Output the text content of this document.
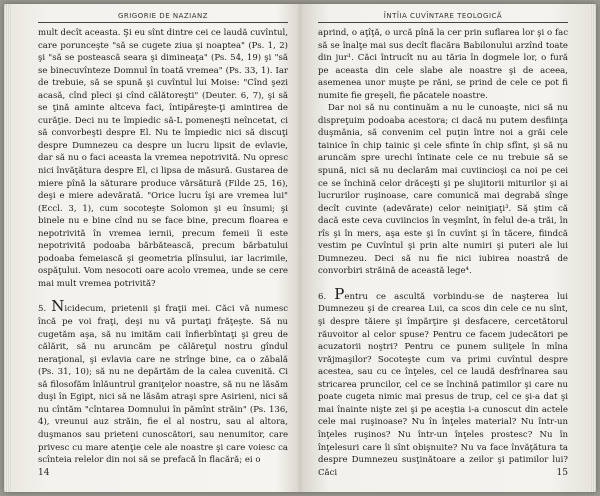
GRIGORIE DE NAZIANZ

mult decît aceasta. Şi eu sînt dintre cei ce laudă cuvîntul, care porunceşte "să se cugete ziua şi noaptea" (Ps. 1, 2) şi "să se postească seara şi dimineaţa" (Ps. 54, 19) şi "să se binecuvînteze Domnul în toată vremea" (Ps. 33, 1). Iar de trebuie, să se spună şi cuvîntul lui Moise: "Cînd şezi acasă, cînd pleci şi cînd călătoreşti" (Deuter. 6, 7), şi să se ţină aminte altceva faci, întipăreşte-ţi amintirea de curăţie. Deci nu te împiedic să-L pomeneşti neîncetat, ci să convorbeşti despre El. Nu te împiedic nici să discuţi despre Dumnezeu ca despre un lucru lipsit de evlavie, dar să nu o faci aceasta la vremea nepotrivită. Nu opresc nici învăţătura despre El, ci lipsa de măsură. Gustarea de miere pînă la săturare produce vărsătură (Filde 25, 16), deşi e miere adevărată. "Orice lucru îşi are vremea lui" (Eccl. 3, 1), cum socoteşte Solomon şi eu însumi; şi binele nu e bine cînd nu se face bine, precum floarea e nepotrivită în vremea iernii, precum femeii îi este nepotrivită podoaba bărbătească, precum bărbatului podoaba femeiască şi geometria plînsului, iar lacrimile, ospăţului. Vom nesocoti oare acolo vremea, unde se cere mai mult vremea potrivită?

5. Nicidecum, prietenii şi fraţii mei. Căci vă numesc încă pe voi fraţi, deşi nu vă purtaţi frăţeşte. Să nu cugetăm aşa, să nu imităm caii înfierbîntaţi şi greu de călărit, să nu aruncăm pe călăreţul nostru gîndul neraţional, şi evlavia care ne strînge bine, ca o zăbală (Ps. 31, 10); să nu ne depărtăm de la calea cuvenită. Ci să filosofăm înlăuntrul graniţelor noastre, să nu ne lăsăm duşi în Egipt, nici să ne lăsăm atraşi spre Asirieni, nici să nu cîntăm "cîntarea Domnului în pămînt străin" (Ps. 136, 4), vreunui auz străin, fie el al nostru, sau al altora, duşmanos sau prieteni cunoscători, sau nenumitor, care privesc cu mare atenţie cele ale noastre şi care voiesc ca scînteia relelor din noi să se prefacă în flacără; ei o

14
ÎNTÎIA CUVÎNTARE TEOLOGICĂ

aprind, o aţîţă, o urcă pînă la cer prin suflarea lor şi o fac să se înalţe mai sus decît flacăra Babilonului arzînd toate din jur¹. Căci întrucît nu au tăria în dogmele lor, o fură pe aceasta din cele slabe ale noastre şi de aceea, asemenea unor muşte pe răni, se prind de cele ce pot fi numite fie greşeli, fie păcatele noastre.

Dar noi să nu continuăm a nu le cunoaşte, nici să nu dispreţuim podoaba acestora; ci dacă nu putem desfiinţa duşmănia, să convenim cel puţin între noi a grăi cele tainice în chip tainic şi cele sfinte în chip sfînt, şi să nu aruncăm spre urechi întinate cele ce nu trebuie să se spună, nici să nu declarăm mai cuviincioşi ca noi pe cei ce se închină celor drăceşti şi pe slujitorii miturilor şi ai lucrurilor ruşinoase, care comunică mai degrabă sînge decît cuvinte (adevărate) celor neiniţiaţi³. Să ştim că dacă este ceva cuviincios în veşmînt, în felul de-a trăi, în rîs şi în mers, aşa este şi în cuvînt şi în tăcere, fiindcă vestim pe Cuvîntul şi prin alte numiri şi puteri ale lui Dumnezeu. Deci să nu fie nici iubirea noastră de convorbiri străină de această lege⁴.

6. Pentru ce ascultă vorbindu-se de naşterea lui Dumnezeu şi de crearea Lui, ca scos din cele ce nu sînt, şi despre tăiere şi împărţire şi desfacere, cercetătorul răuvoitor al celor spuse? Pentru ce facem judecători pe acuzatorii noştri? Pentru ce punem suliţele în mîna vrăjmaşilor? Socoteşte cum va primi cuvîntul despre acestea, sau cu ce înţeles, cel ce laudă desfrînarea sau stricarea pruncilor, cel ce se închină patimilor şi care nu poate cugeta nimic mai presus de trup, cel ce şi-a dat şi mai înainte nişte zei şi pe aceştia i-a cunoscut din actele cele mai ruşinoase? Nu în înţeles material? Nu într-un înţeles ruşinos? Nu într-un înţeles prostesc? Nu în înţelesuri care îi sînt obişnuite? Nu va face învăţătura ta despre Dumnezeu susţinătoare a zeilor şi patimilor lui? Căci	15
